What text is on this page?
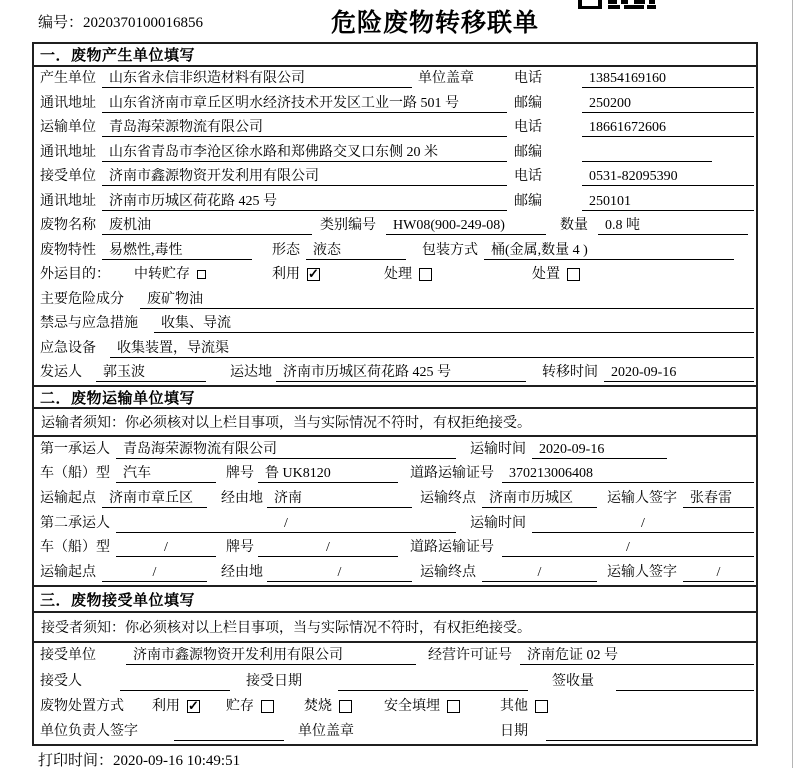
编号：2020370100016856	危险废物转移联单
一．废物产生单位填写
产生单位 山东省永信非织造材料有限公司	单位盖章	电话	13854169160
通讯地址 山东省济南市章丘区明水经济技术开发区工业一路 501 号	邮编	250200
运输单位 青岛海荣源物流有限公司	电话	18661672606
通讯地址 山东省青岛市李沧区徐水路和郑佛路交叉口东侧 20 米	邮编
接受单位 济南市鑫源物资开发利用有限公司	电话	0531-82095390
通讯地址 济南市历城区荷花路 425 号	邮编	250101
废物名称 废机油	类别编号	HW08(900-249-08)	数量	0.8 吨
废物特性 易燃性,毒性	形态 液态	包装方式 桶(金属,数量 4 )
外运目的：	中转贮存	利用 ✓	处理	处置
主要危险成分	废矿物油
禁忌与应急措施	收集、导流
应急设备	收集装置，导流渠
发运人	郭玉波	运达地 济南市历城区荷花路 425 号	转移时间 2020-09-16
二．废物运输单位填写
运输者须知：你必须核对以上栏目事项，当与实际情况不符时，有权拒绝接受。
第一承运人 青岛海荣源物流有限公司	运输时间 2020-09-16
车（船）型 汽车	牌号 鲁 UK8120	道路运输证号	370213006408
运输起点 济南市章丘区	经由地 济南	运输终点 济南市历城区	运输人签字 张春雷
第二承运人	/	运输时间	/
车（船）型	/	牌号	/	道路运输证号	/
运输起点	/	经由地	/	运输终点	/	运输人签字	/
三．废物接受单位填写
接受者须知：你必须核对以上栏目事项，当与实际情况不符时，有权拒绝接受。
接受单位	济南市鑫源物资开发利用有限公司	经营许可证号	济南危证 02 号
接受人	接受日期	签收量
废物处置方式	利用 ✓	贮存	焚烧	安全填埋	其他
单位负责人签字	单位盖章	日期
打印时间：2020-09-16 10:49:51
